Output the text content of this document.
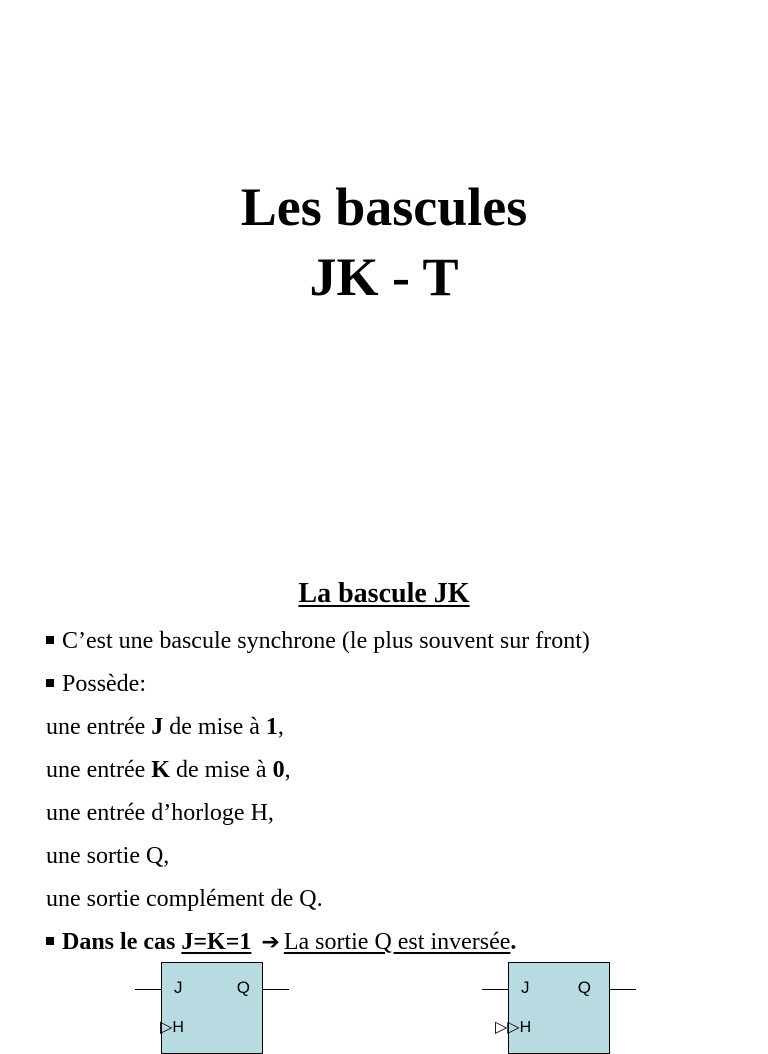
Les bascules
JK - T
La bascule JK
C’est une bascule synchrone (le plus souvent sur front)
Possède:
une entrée J de mise à 1,
une entrée K de mise à 0,
une entrée d’horloge H,
une sortie Q,
une sortie complément de Q.
Dans le cas J=K=1 ➔ La sortie Q est inversée.
J	Q
▷H
J	Q
▷▷H
